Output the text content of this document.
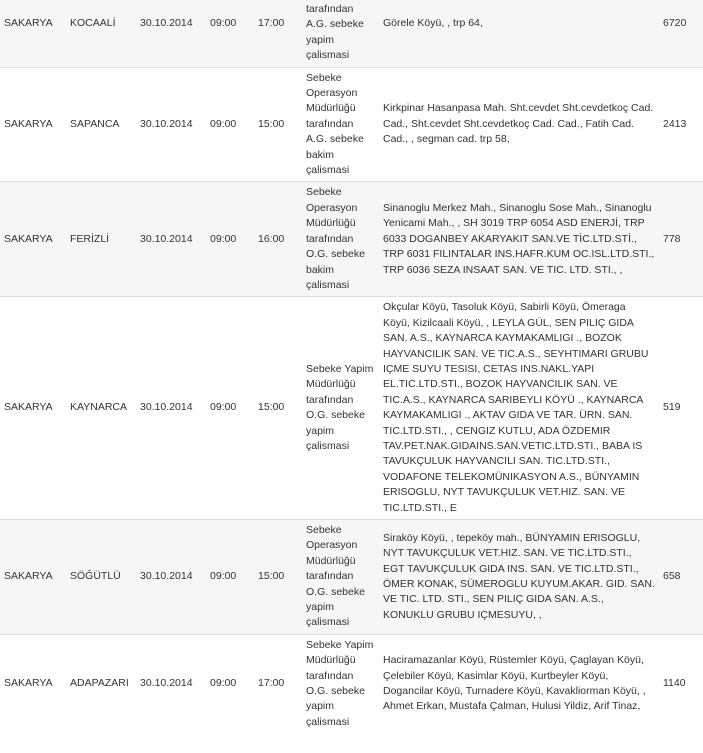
SAKARYA	KOCAALİ	30.10.2014	09:00	17:00	tarafından A.G. sebeke yapim çalismasi	Görele Köyü, , trp 64,	6720
SAKARYA	SAPANCA	30.10.2014	09:00	15:00	Sebeke Operasyon Müdürlüğü tarafından A.G. sebeke bakim çalismasi	Kirkpinar Hasanpasa Mah. Sht.cevdet Sht.cevdetkoç Cad. Cad., Sht.cevdet Sht.cevdetkoç Cad. Cad., Fatih Cad. Cad., , segman cad. trp 58,	2413
SAKARYA	FERİZLİ	30.10.2014	09:00	16:00	Sebeke Operasyon Müdürlüğü tarafından O.G. sebeke bakim çalismasi	Sinanoglu Merkez Mah., Sinanoglu Sose Mah., Sinanoglu Yenicami Mah., , SH 3019 TRP 6054 ASD ENERJİ, TRP 6033 DOGANBEY AKARYAKIT SAN.VE TİC.LTD.STİ., TRP 6031 FILINTALAR INS.HAFR.KUM OC.ISL.LTD.STI., TRP 6036 SEZA INSAAT SAN. VE TIC. LTD. STI., ,	778
SAKARYA	KAYNARCA	30.10.2014	09:00	15:00	Sebeke Yapim Müdürlüğü tarafından O.G. sebeke yapim çalismasi	Okçular Köyü, Tasoluk Köyü, Sabirli Köyü, Ömeraga Köyü, Kizilcaali Köyü, , LEYLA GÜL, SEN PILIÇ GIDA SAN. A.S., KAYNARCA KAYMAKAMLIGI ., BOZOK HAYVANCILIK SAN. VE TIC.A.S., SEYHTIMARI GRUBU IÇME SUYU TESISI, CETAS INS.NAKL.YAPI EL.TIC.LTD.STI., BOZOK HAYVANCILIK SAN. VE TIC.A.S., KAYNARCA SARIBEYLI KÖYÜ ., KAYNARCA KAYMAKAMLIGI ., AKTAV GIDA VE TAR. ÜRN. SAN. TIC.LTD.STI., , CENGIZ KUTLU, ADA ÖZDEMIR TAV.PET.NAK.GIDAINS.SAN.VETIC.LTD.STI., BABA IS TAVUKÇULUK HAYVANCILI SAN. TIC.LTD.STI., VODAFONE TELEKOMÜNIKASYON A.S., BÜNYAMIN ERISOGLU, NYT TAVUKÇULUK VET.HIZ. SAN. VE TIC.LTD.STI., E	519
SAKARYA	SÖĞÜTLÜ	30.10.2014	09:00	15:00	Sebeke Operasyon Müdürlüğü tarafından O.G. sebeke yapim çalismasi	Siraköy Köyü, , tepeköy mah., BÜNYAMIN ERISOGLU, NYT TAVUKÇULUK VET.HIZ. SAN. VE TIC.LTD.STI., EGT TAVUKÇULUK GIDA INS. SAN. VE TIC.LTD.STI., ÖMER KONAK, SÜMEROGLU KUYUM.AKAR. GID. SAN. VE TIC. LTD. STI., SEN PILIÇ GIDA SAN. A.S., KONUKLU GRUBU IÇMESUYU, ,	658
SAKARYA	ADAPAZARI	30.10.2014	09:00	17:00	Sebeke Yapim Müdürlüğü tarafından O.G. sebeke yapim çalismasi	Haciramazanlar Köyü, Rüstemler Köyü, Çaglayan Köyü, Çelebiler Köyü, Kasimlar Köyü, Kurtbeyler Köyü, Dogancilar Köyü, Turnadere Köyü, Kavakliorman Köyü, , Ahmet Erkan, Mustafa Çalman, Hulusi Yildiz, Arif Tinaz,	1140
